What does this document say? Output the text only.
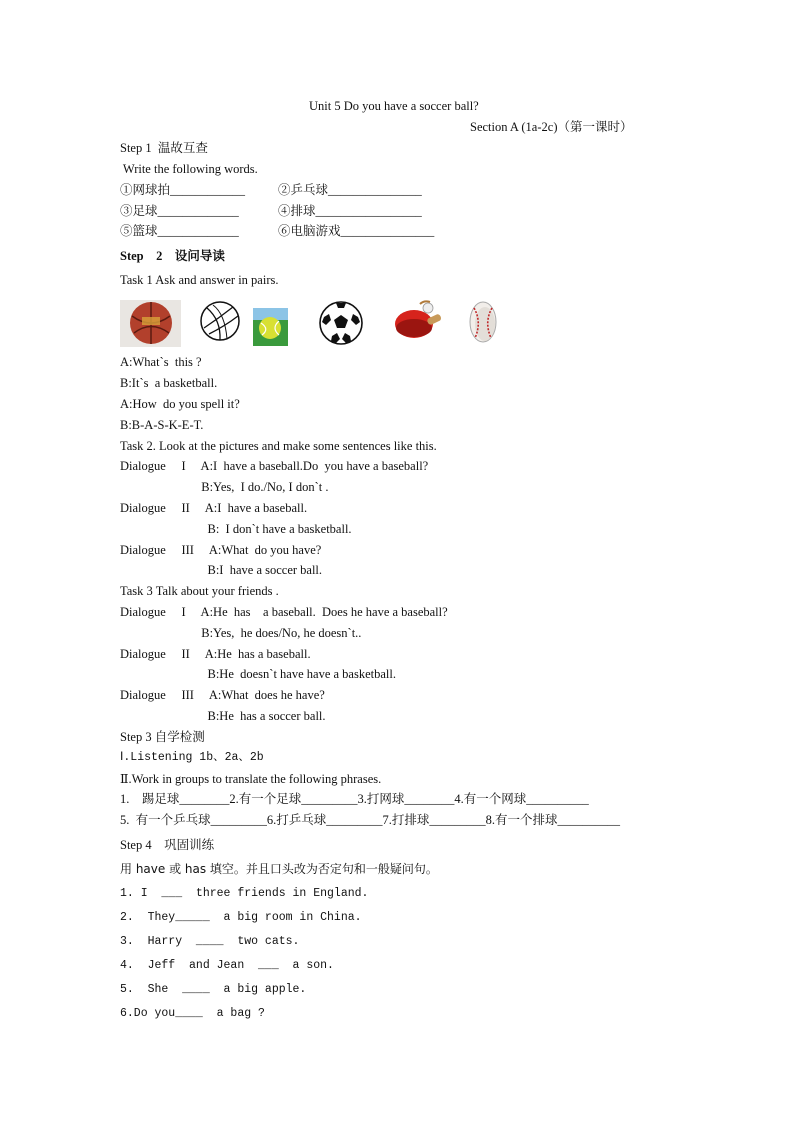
Unit 5 Do you have a soccer ball?
Section A (1a-2c)（第一课时）
Step 1  温故互查
Write the following words.
①网球拍____________	②乒乓球_______________
③足球_____________	④排球_________________
⑤篮球_____________	⑥电脑游戏_______________
Step    2    设问导读
Task 1 Ask and answer in pairs.
A:What`s  this ?
B:It`s  a basketball.
A:How  do you spell it?
B:B-A-S-K-E-T.
Task 2. Look at the pictures and make some sentences like this.
Dialogue     I     A:I  have a baseball.Do  you have a baseball?
B:Yes,  I do./No, I don`t .
Dialogue     II     A:I  have a baseball.
B:  I don`t have a basketball.
Dialogue     III     A:What  do you have?
B:I  have a soccer ball.
Task 3 Talk about your friends .
Dialogue     I     A:He  has    a baseball.  Does he have a baseball?
B:Yes,  he does/No, he doesn`t..
Dialogue     II     A:He  has a baseball.
B:He  doesn`t have have a basketball.
Dialogue     III     A:What  does he have?
B:He  has a soccer ball.
Step 3 自学检测
Ⅰ.Listening 1b、2a、2b
Ⅱ.Work in groups to translate the following phrases.
1.    踢足球________2.有一个足球_________3.打网球________4.有一个网球__________
5.  有一个乒乓球_________6.打乒乓球_________7.打排球_________8.有一个排球__________
Step 4    巩固训练
用 have 或 has 填空。并且口头改为否定句和一般疑问句。
1. I  ___  three friends in England.
2.  They_____  a big room in China.
3.  Harry  ____  two cats.
4.  Jeff  and Jean  ___  a son.
5.  She  ____  a big apple.
6.Do you____  a bag ?
